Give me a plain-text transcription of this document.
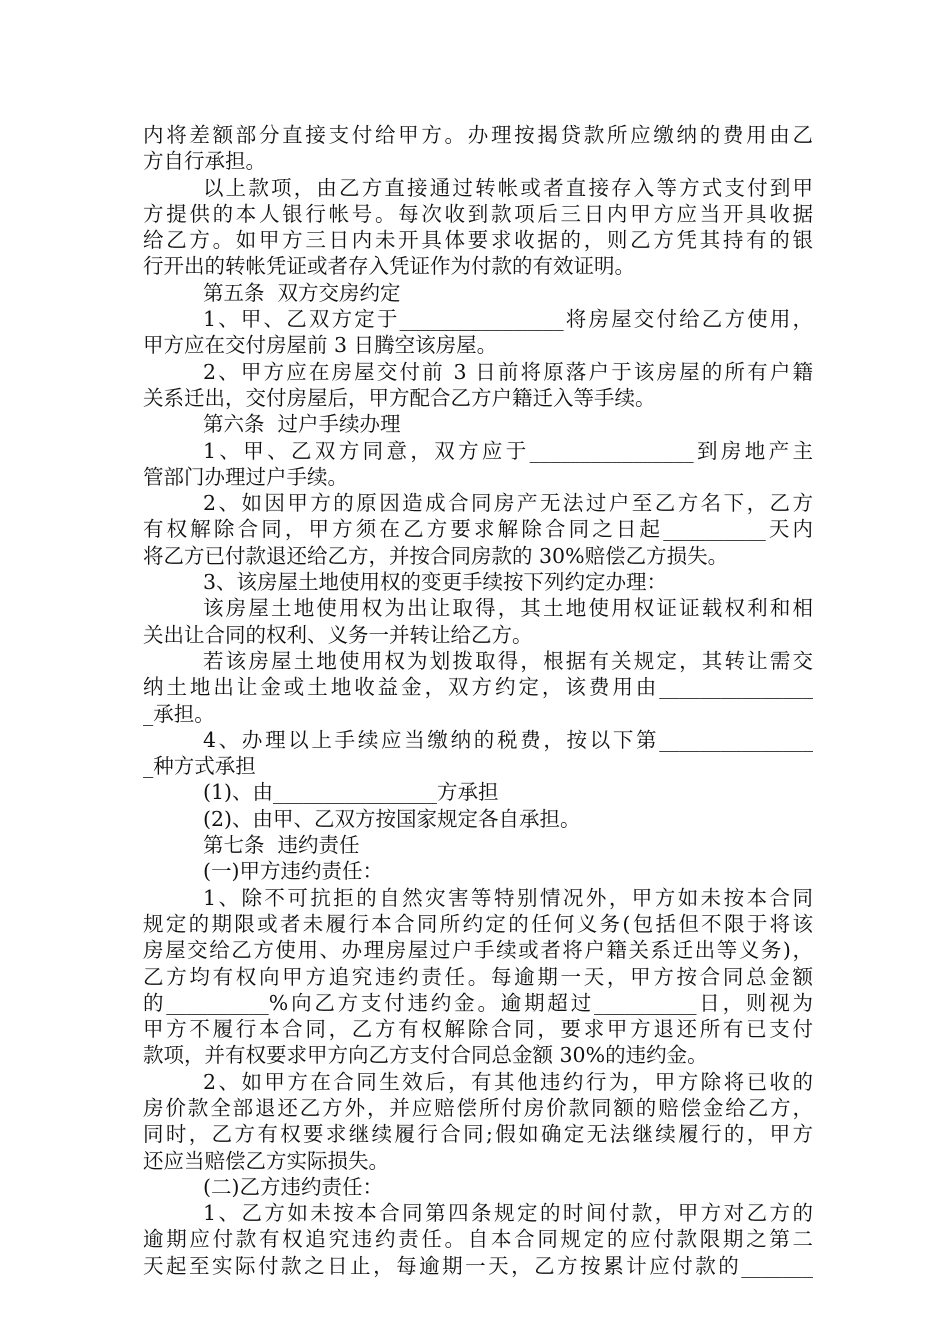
内将差额部分直接支付给甲方。办理按揭贷款所应缴纳的费用由乙
方自行承担。
以上款项，由乙方直接通过转帐或者直接存入等方式支付到甲
方提供的本人银行帐号。每次收到款项后三日内甲方应当开具收据
给乙方。如甲方三日内未开具体要求收据的，则乙方凭其持有的银
行开出的转帐凭证或者存入凭证作为付款的有效证明。
第五条  双方交房约定
1、甲、乙双方定于________________将房屋交付给乙方使用，
甲方应在交付房屋前 3 日腾空该房屋。
2、甲方应在房屋交付前 3 日前将原落户于该房屋的所有户籍
关系迁出，交付房屋后，甲方配合乙方户籍迁入等手续。
第六条  过户手续办理
1、甲、乙双方同意，双方应于________________到房地产主
管部门办理过户手续。
2、如因甲方的原因造成合同房产无法过户至乙方名下，乙方
有权解除合同，甲方须在乙方要求解除合同之日起__________天内
将乙方已付款退还给乙方，并按合同房款的 30%赔偿乙方损失。
3、该房屋土地使用权的变更手续按下列约定办理：
该房屋土地使用权为出让取得，其土地使用权证证载权利和相
关出让合同的权利、义务一并转让给乙方。
若该房屋土地使用权为划拨取得，根据有关规定，其转让需交
纳土地出让金或土地收益金，双方约定，该费用由_______________
_承担。
4、办理以上手续应当缴纳的税费，按以下第_______________
_种方式承担
(1)、由________________方承担
(2)、由甲、乙双方按国家规定各自承担。
第七条  违约责任
(一)甲方违约责任：
1、除不可抗拒的自然灾害等特别情况外，甲方如未按本合同
规定的期限或者未履行本合同所约定的任何义务(包括但不限于将该
房屋交给乙方使用、办理房屋过户手续或者将户籍关系迁出等义务)，
乙方均有权向甲方追究违约责任。每逾期一天，甲方按合同总金额
的__________%向乙方支付违约金。逾期超过__________日，则视为
甲方不履行本合同，乙方有权解除合同，要求甲方退还所有已支付
款项，并有权要求甲方向乙方支付合同总金额 30%的违约金。
2、如甲方在合同生效后，有其他违约行为，甲方除将已收的
房价款全部退还乙方外，并应赔偿所付房价款同额的赔偿金给乙方，
同时，乙方有权要求继续履行合同;假如确定无法继续履行的，甲方
还应当赔偿乙方实际损失。
(二)乙方违约责任：
1、乙方如未按本合同第四条规定的时间付款，甲方对乙方的
逾期应付款有权追究违约责任。自本合同规定的应付款限期之第二
天起至实际付款之日止，每逾期一天，乙方按累计应付款的_______
